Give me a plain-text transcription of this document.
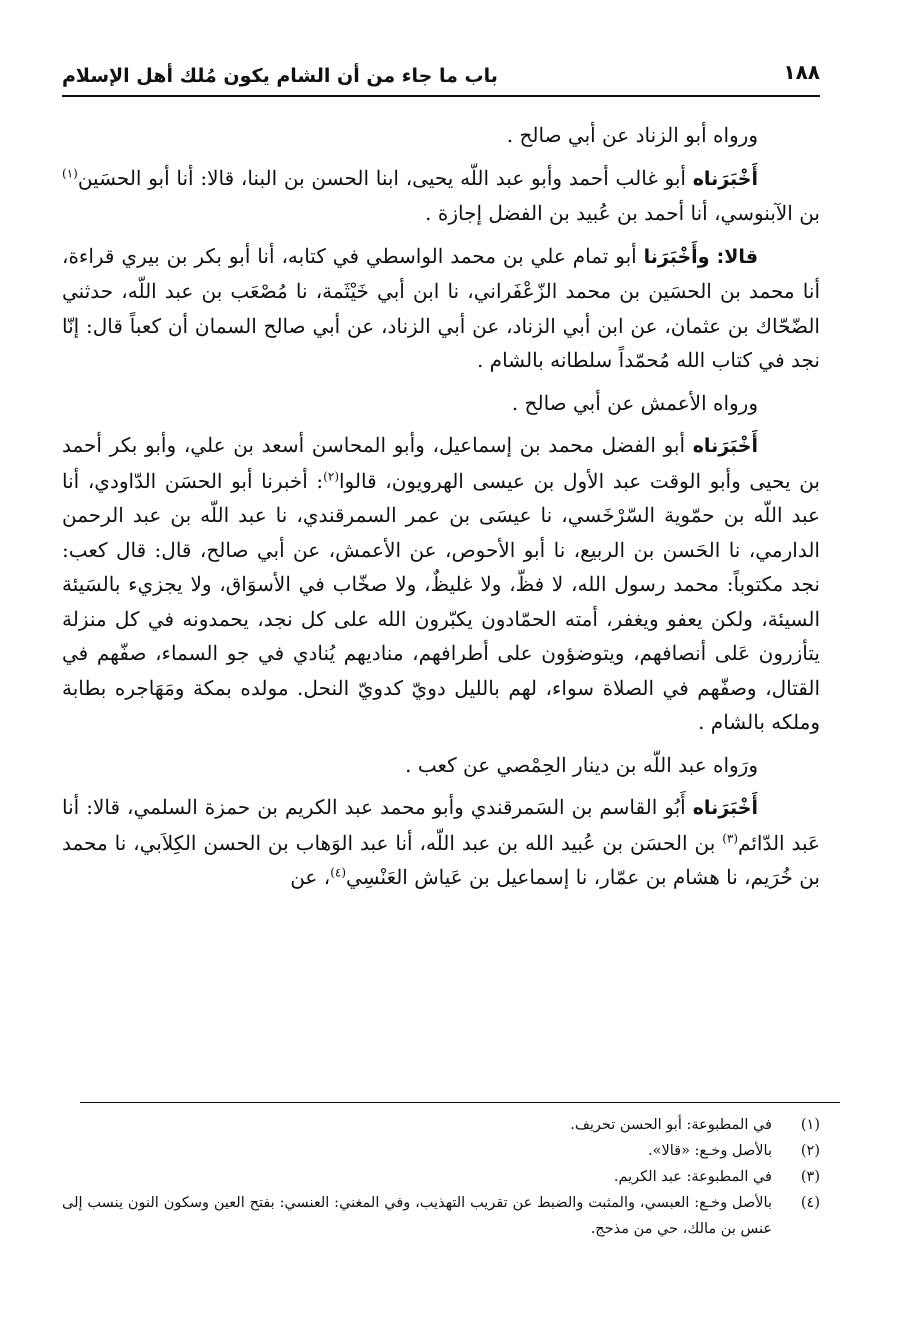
١٨٨
باب ما جاء من أن الشام يكون مُلك أهل الإسلام

ورواه أبو الزناد عن أبي صالح .

أَخْبَرَناه أبو غالب أحمد وأبو عبد اللّه يحيى، ابنا الحسن بن البنا، قالا: أنا أبو الحسَين$^{(١)}$ بن الآبنوسي، أنا أحمد بن عُبيد بن الفضل إجازة .

قالا: وأَخْبَرَنا أبو تمام علي بن محمد الواسطي في كتابه، أنا أبو بكر بن بيري قراءة، أنا محمد بن الحسَين بن محمد الزّعْفَراني، نا ابن أبي خَيْثَمة، نا مُصْعَب بن عبد اللّه، حدثني الضّحّاك بن عثمان، عن ابن أبي الزناد، عن أبي الزناد، عن أبي صالح السمان أن كعباً قال: إنّا نجد في كتاب الله مُحمّداً سلطانه بالشام .

ورواه الأعمش عن أبي صالح .

أَخْبَرَناه أبو الفضل محمد بن إسماعيل، وأبو المحاسن أسعد بن علي، وأبو بكر أحمد بن يحيى وأبو الوقت عبد الأول بن عيسى الهرويون، قالوا$^{(٢)}$: أخبرنا أبو الحسَن الدّاودي، أنا عبد اللّه بن حمّوية السّرْخَسي، نا عيسَى بن عمر السمرقندي، نا عبد اللّه بن عبد الرحمن الدارمي، نا الحَسن بن الربيع، نا أبو الأحوص، عن الأعمش، عن أبي صالح، قال: قال كعب: نجد مكتوباً: محمد رسول الله، لا فظّ، ولا غليظٌ، ولا صخّاب في الأسوَاق، ولا يجزيء بالسَيئة السيئة، ولكن يعفو ويغفر، أمته الحمّادون يكبّرون الله على كل نجد، يحمدونه في كل منزلة يتأزرون عَلى أنصافهم، ويتوضؤون على أطرافهم، مناديهم يُنادي في جو السماء، صفّهم في القتال، وصفّهم في الصلاة سواء، لهم بالليل دويّ كدويّ النحل. مولده بمكة ومَهَاجره بطابة وملكه بالشام .

ورَواه عبد اللّه بن دينار الحِمْصي عن كعب .

أَخْبَرَناه أَبُو القاسم بن السَمرقندي وأبو محمد عبد الكريم بن حمزة السلمي، قالا: أنا عَبد الدّائم$^{(٣)}$ بن الحسَن بن عُبيد الله بن عبد اللّه، أنا عبد الوَهاب بن الحسن الكِلاَبي، نا محمد بن خُرَيم، نا هشام بن عمّار، نا إسماعيل بن عَياش العَنْسِي$^{(٤)}$، عن

(١)
في المطبوعة: أبو الحسن تحريف.
(٢)
بالأصل وخـع: «قالا».
(٣)
في المطبوعة: عبد الكريم.
(٤)
بالأصل وخـع: العبسي، والمثبت والضبط عن تقريب التهذيب، وفي المغني: العنسي: بفتح العين وسكون النون ينسب إلى عنس بن مالك، حي من مذحج.
